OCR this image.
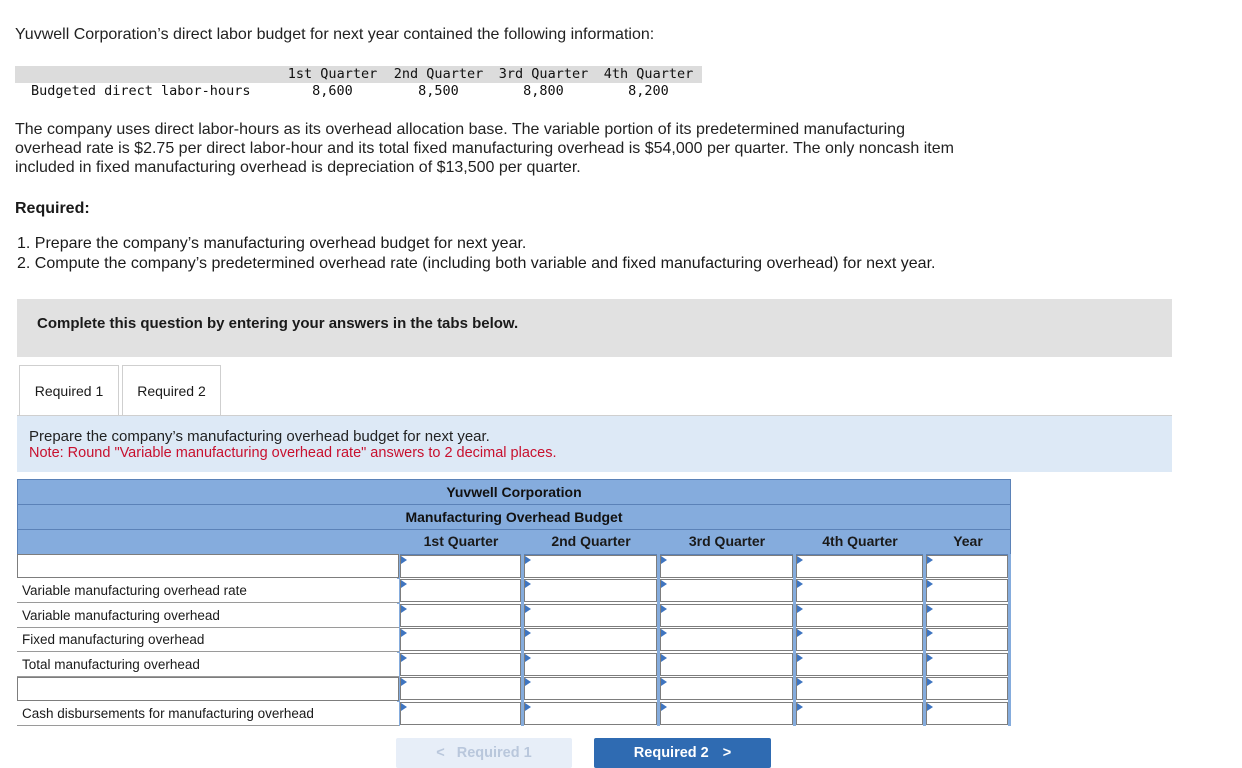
Yuvwell Corporation’s direct labor budget for next year contained the following information:
1st Quarter	2nd Quarter	3rd Quarter	4th Quarter
Budgeted direct labor-hours	8,600	8,500	8,800	8,200
The company uses direct labor-hours as its overhead allocation base. The variable portion of its predetermined manufacturing
overhead rate is $2.75 per direct labor-hour and its total fixed manufacturing overhead is $54,000 per quarter. The only noncash item
included in fixed manufacturing overhead is depreciation of $13,500 per quarter.
Required:
1. Prepare the company’s manufacturing overhead budget for next year.
2. Compute the company’s predetermined overhead rate (including both variable and fixed manufacturing overhead) for next year.
Complete this question by entering your answers in the tabs below.
Required 1 Required 2
Prepare the company’s manufacturing overhead budget for next year.
Note: Round "Variable manufacturing overhead rate" answers to 2 decimal places.
Yuvwell Corporation
Manufacturing Overhead Budget
1st Quarter	2nd Quarter	3rd Quarter	4th Quarter	Year
Variable manufacturing overhead rate
Variable manufacturing overhead
Fixed manufacturing overhead
Total manufacturing overhead
Cash disbursements for manufacturing overhead
< Required 1	Required 2 >
